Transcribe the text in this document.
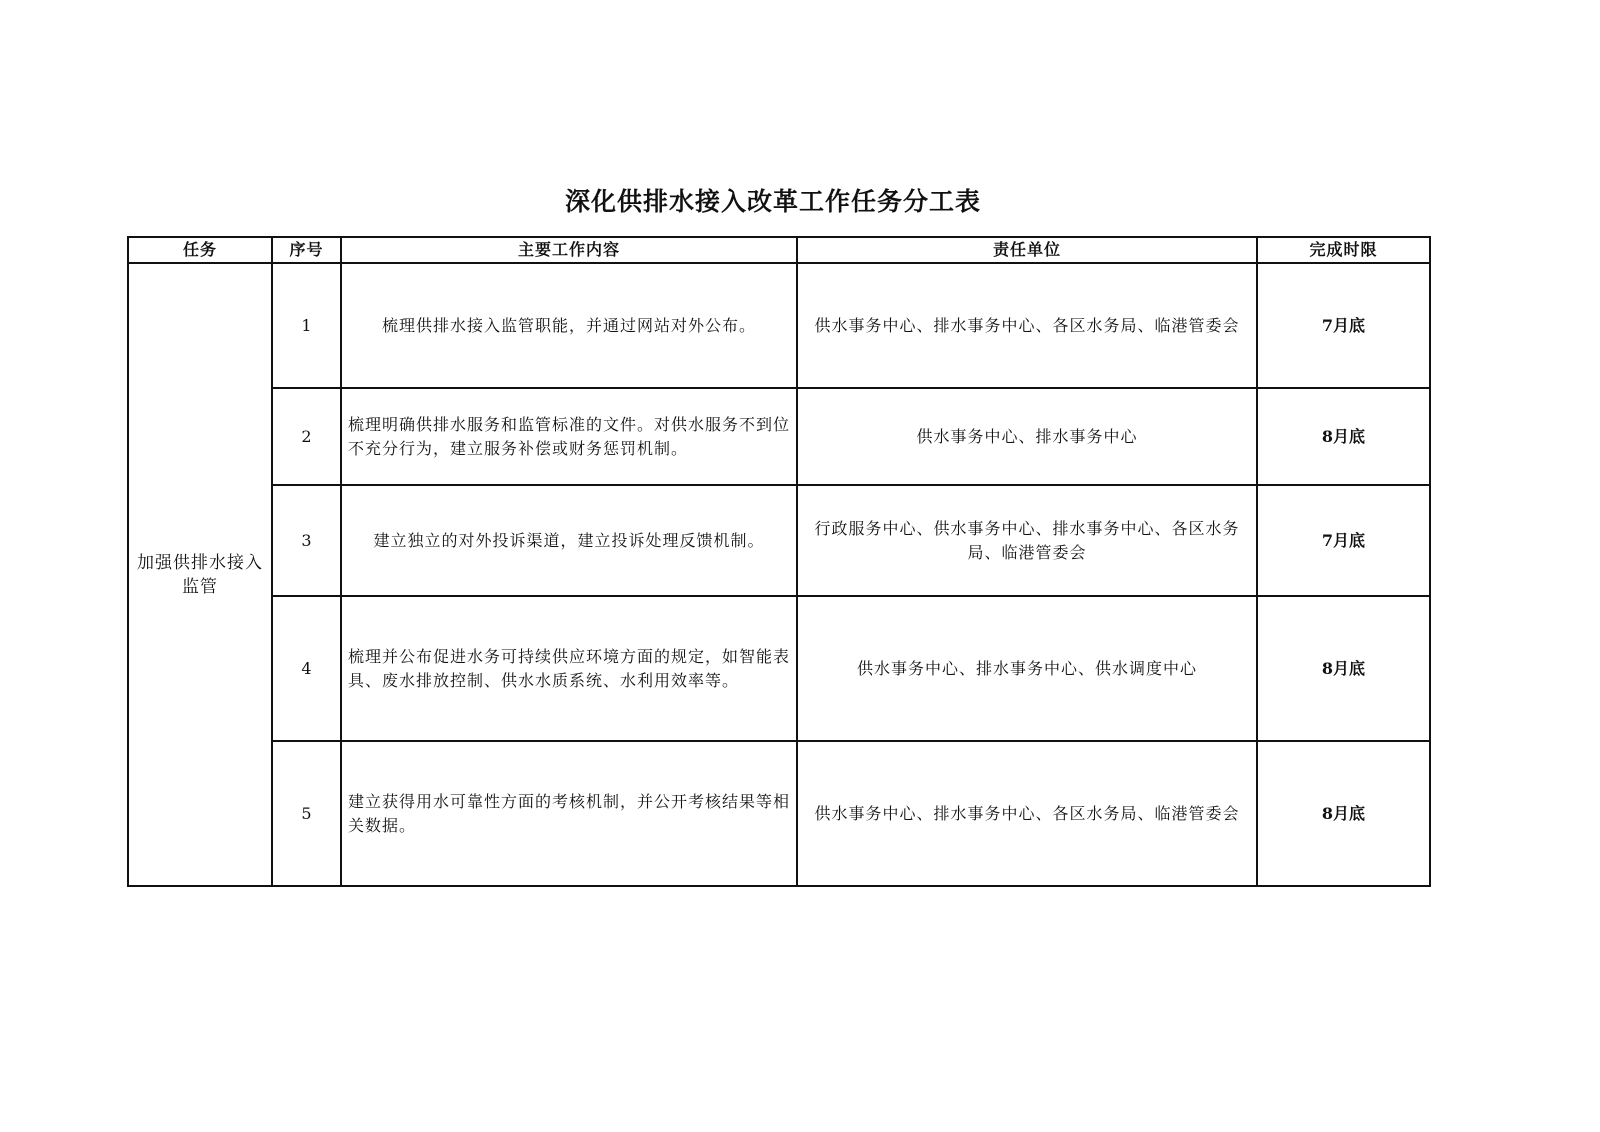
深化供排水接入改革工作任务分工表
任务	序号	主要工作内容	责任单位	完成时限
加强供排水接入监管	1	梳理供排水接入监管职能，并通过网站对外公布。	供水事务中心、排水事务中心、各区水务局、临港管委会	7月底
	2	梳理明确供排水服务和监管标准的文件。对供水服务不到位不充分行为，建立服务补偿或财务惩罚机制。	供水事务中心、排水事务中心	8月底
	3	建立独立的对外投诉渠道，建立投诉处理反馈机制。	行政服务中心、供水事务中心、排水事务中心、各区水务局、临港管委会	7月底
	4	梳理并公布促进水务可持续供应环境方面的规定，如智能表具、废水排放控制、供水水质系统、水利用效率等。	供水事务中心、排水事务中心、供水调度中心	8月底
	5	建立获得用水可靠性方面的考核机制，并公开考核结果等相关数据。	供水事务中心、排水事务中心、各区水务局、临港管委会	8月底
